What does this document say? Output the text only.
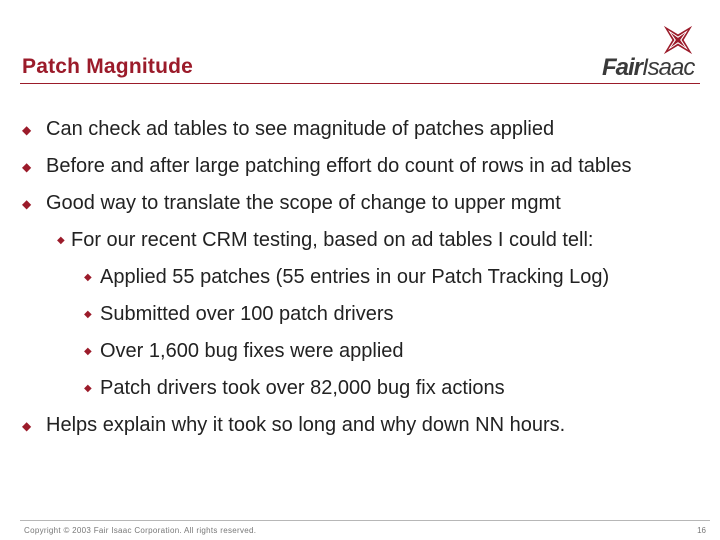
Patch Magnitude	FairIsaac
◆ Can check ad tables to see magnitude of patches applied
◆ Before and after large patching effort do count of rows in ad tables
◆ Good way to translate the scope of change to upper mgmt
◆ For our recent CRM testing, based on ad tables I could tell:
◆ Applied 55 patches (55 entries in our Patch Tracking Log)
◆ Submitted over 100 patch drivers
◆ Over 1,600 bug fixes were applied
◆ Patch drivers took over 82,000 bug fix actions
◆ Helps explain why it took so long and why down NN hours.
Copyright © 2003 Fair Isaac Corporation. All rights reserved.	16
